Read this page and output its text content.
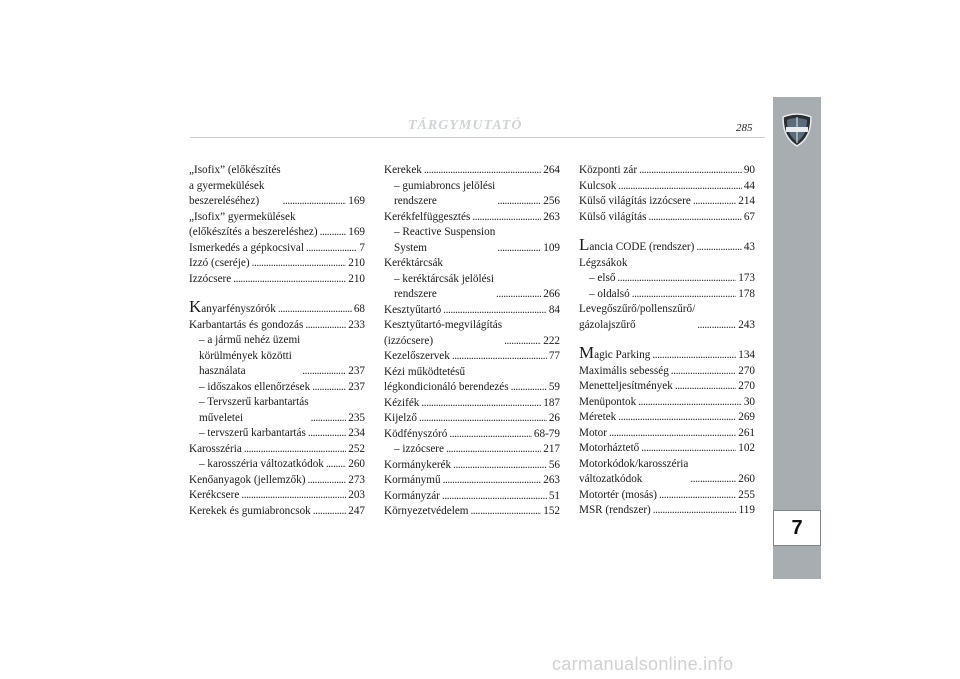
TÁRGYMUTATÓ	285
7
„Isofix” (előkészítés
a gyermekülések
beszereléséhez) . . .	169
„Isofix” gyermekülések
(előkészítés a beszereléshez) . . .	169
Ismerkedés a gépkocsival . . .	7
Izzó (cseréje) . . .	210
Izzócsere . . .	210
Kanyarfényszórók . . .	68
Karbantartás és gondozás . . .	233
– a jármű nehéz üzemi
körülmények közötti
használata . . .	237
– időszakos ellenőrzések . . .	237
– Tervszerű karbantartás
műveletei . . .	235
– tervszerű karbantartás . . .	234
Karosszéria . . .	252
– karosszéria változatkódok . . . 260
Kenőanyagok (jellemzők) . . .	273
Kerékcsere . . .	203
Kerekek és gumiabroncsok . . .	247
Kerekek . . .	264
– gumiabroncs jelölési
rendszere . . .	256
Kerékfelfüggesztés . . .	263
– Reactive Suspension
System . . .	109
Keréktárcsák
– keréktárcsák jelölési
rendszere . . .	266
Kesztyűtartó . . .	84
Kesztyűtartó-megvilágítás
(izzócsere) . . .	222
Kezelőszervek . . .	77
Kézi működtetésű
légkondicionáló berendezés . . .	59
Kézifék . . .	187
Kijelző . . .	26
Ködfényszóró . . .	68-79
– izzócsere . . .	217
Kormánykerék . . .	56
Kormánymű . . .	263
Kormányzár . . .	51
Környezetvédelem . . .	152
Központi zár . . .	90
Kulcsok . . .	44
Külső világítás izzócsere . . .	214
Külső világítás . . .	67
Lancia CODE (rendszer) . . .	43
Légzsákok
– első . . .	173
– oldalsó . . .	178
Levegőszűrő/pollenszűrő/
gázolajszűrő . . .	243
Magic Parking . . .	134
Maximális sebesség . . .	270
Menetteljesítmények . . .	270
Menüpontok . . .	30
Méretek . . .	269
Motor . . .	261
Motorháztető . . .	102
Motorkódok/karosszéria
változatkódok . . .	260
Motortér (mosás) . . .	255
MSR (rendszer) . . .	119
carmanualsonline.info
